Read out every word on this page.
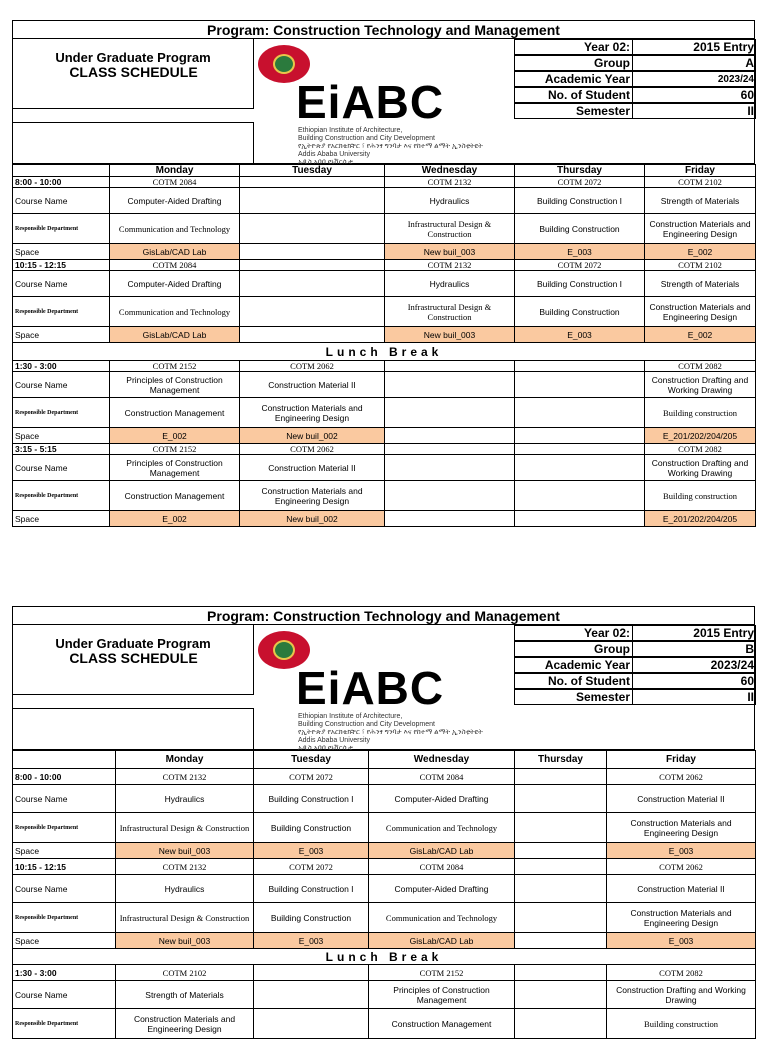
Program: Construction Technology and Management
Under Graduate Program
CLASS SCHEDULE
EiABC
Ethiopian Institute of Architecture,
Building Construction and City Development
የኢትዮጵያ የአርክቴክቸር ፣ የሕንፃ ግንባታ እና የከተማ ልማት ኢንስቲትዩት
Addis Ababa University
አዲስ አበባ ዩኒቨርሲቲ
Year 02:	2015 Entry
Group	A
Academic Year	2023/24
No. of Student	60
Semester	II
	Monday	Tuesday	Wednesday	Thursday	Friday
8:00 - 10:00	COTM 2084		COTM 2132	COTM 2072	COTM 2102
Course Name	Computer-Aided Drafting		Hydraulics	Building Construction I	Strength of Materials
Responsible Department	Communication and Technology		Infrastructural Design & Construction	Building Construction	Construction Materials and Engineering Design
Space	GisLab/CAD Lab		New buil_003	E_003	E_002
10:15 - 12:15	COTM 2084		COTM 2132	COTM 2072	COTM 2102
Course Name	Computer-Aided Drafting		Hydraulics	Building Construction I	Strength of Materials
Responsible Department	Communication and Technology		Infrastructural Design & Construction	Building Construction	Construction Materials and Engineering Design
Space	GisLab/CAD Lab		New buil_003	E_003	E_002
Lunch Break					
1:30 - 3:00	COTM 2152	COTM 2062			COTM 2082
Course Name	Principles of Construction Management	Construction Material II			Construction Drafting and Working Drawing
Responsible Department	Construction Management	Construction Materials and Engineering Design			Building construction
Space	E_002	New buil_002			E_201/202/204/205
3:15 - 5:15	COTM 2152	COTM 2062			COTM 2082
Course Name	Principles of Construction Management	Construction Material II			Construction Drafting and Working Drawing
Responsible Department	Construction Management	Construction Materials and Engineering Design			Building construction
Space	E_002	New buil_002			E_201/202/204/205
Program: Construction Technology and Management
Under Graduate Program
CLASS SCHEDULE
EiABC
Ethiopian Institute of Architecture,
Building Construction and City Development
የኢትዮጵያ የአርክቴክቸር ፣ የሕንፃ ግንባታ እና የከተማ ልማት ኢንስቲትዩት
Addis Ababa University
አዲስ አበባ ዩኒቨርሲቲ
Year 02:	2015 Entry
Group	B
Academic Year	2023/24
No. of Student	60
Semester	II
	Monday	Tuesday	Wednesday	Thursday	Friday
8:00 - 10:00	COTM 2132	COTM 2072	COTM 2084		COTM 2062
Course Name	Hydraulics	Building Construction I	Computer-Aided Drafting		Construction Material II
Responsible Department	Infrastructural Design & Construction	Building Construction	Communication and Technology		Construction Materials and Engineering Design
Space	New buil_003	E_003	GisLab/CAD Lab		E_003
10:15 - 12:15	COTM 2132	COTM 2072	COTM 2084		COTM 2062
Course Name	Hydraulics	Building Construction I	Computer-Aided Drafting		Construction Material II
Responsible Department	Infrastructural Design & Construction	Building Construction	Communication and Technology		Construction Materials and Engineering Design
Space	New buil_003	E_003	GisLab/CAD Lab		E_003
Lunch Break					
1:30 - 3:00	COTM 2102		COTM 2152		COTM 2082
Course Name	Strength of Materials		Principles of Construction Management		Construction Drafting and Working Drawing
Responsible Department	Construction Materials and Engineering Design		Construction Management		Building construction
